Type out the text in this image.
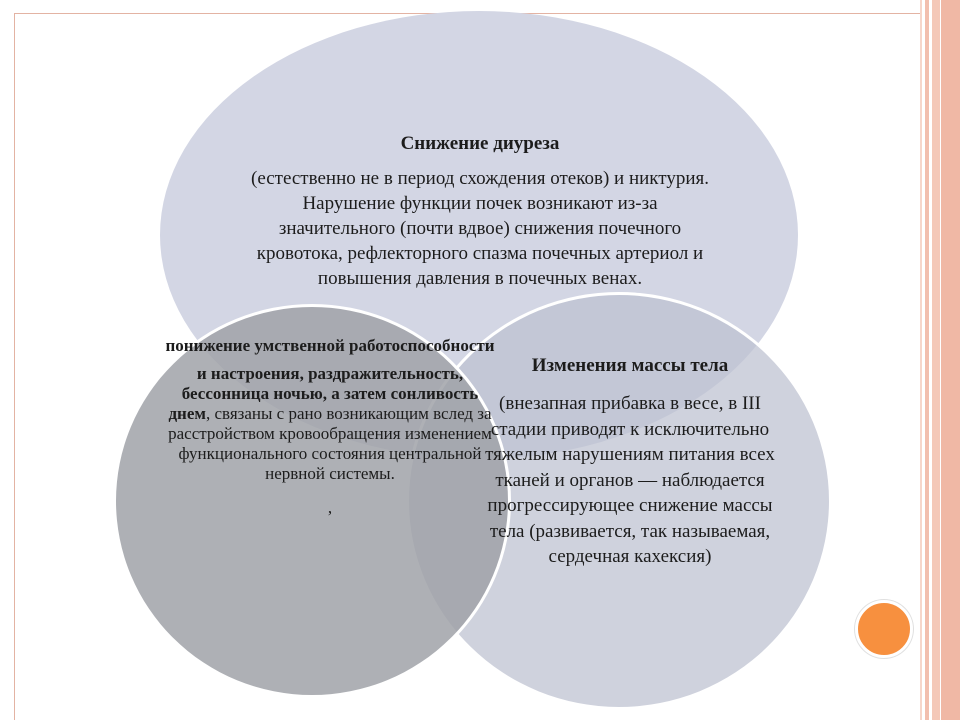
Снижение диуреза
(естественно не в период схождения отеков) и никтурия. Нарушение функции почек возникают из-за значительного (почти вдвое) снижения почечного кровотока, рефлекторного спазма почечных артериол и повышения давления в почечных венах.
Изменения массы тела
(внезапная прибавка в весе, в III стадии приводят к исключительно тяжелым нарушениям питания всех тканей и органов — наблюдается прогрессирующее снижение массы тела (развивается, так называемая, сердечная кахексия)
понижение умственной работоспособности
и настроения, раздражительность, бессонница ночью, а затем сонливость днем, связаны с рано возникающим вслед за расстройством кровообращения изменением функционального состояния центральной нервной системы.
,
